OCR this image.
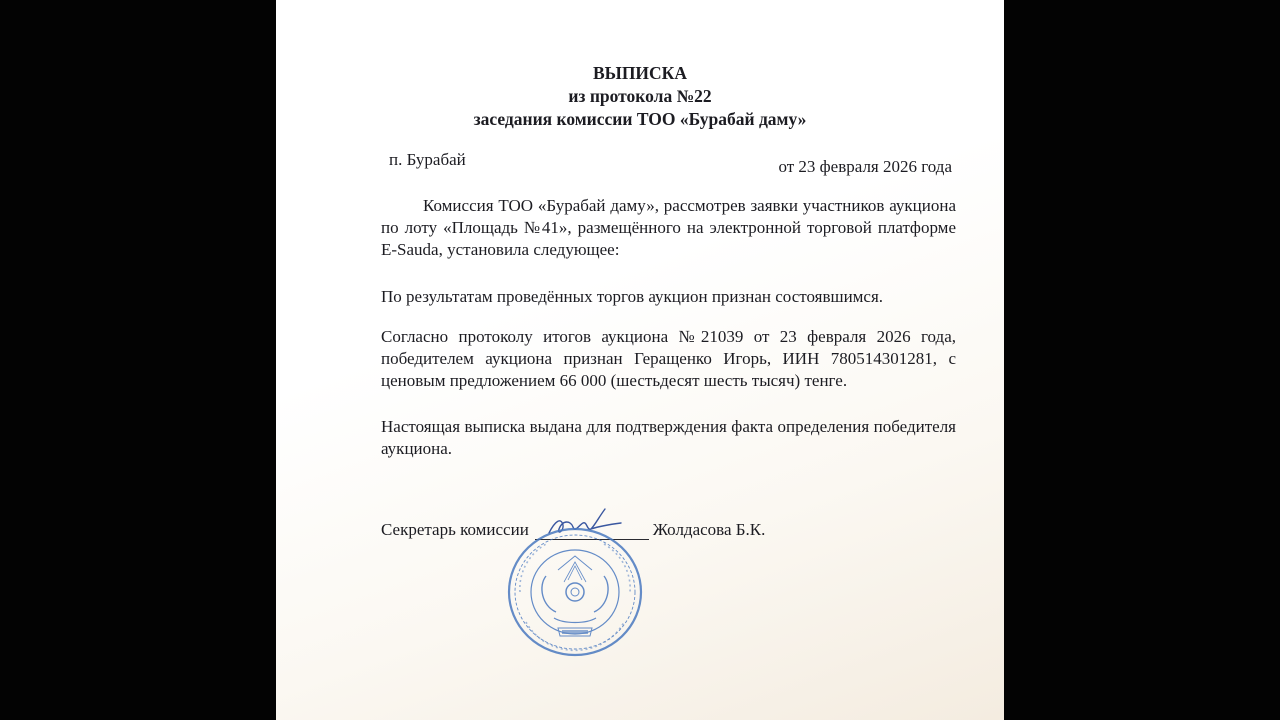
ВЫПИСКА
из протокола №22
заседания комиссии ТОО «Бурабай даму»
п. Бурабай	от 23 февраля 2026 года
Комиссия ТОО «Бурабай даму», рассмотрев заявки участников аукциона по лоту «Площадь №41», размещённого на электронной торговой платформе E-Sauda, установила следующее:
По результатам проведённых торгов аукцион признан состоявшимся.
Согласно протоколу итогов аукциона №21039 от 23 февраля 2026 года, победителем аукциона признан Геращенко Игорь, ИИН 780514301281, с ценовым предложением 66 000 (шестьдесят шесть тысяч) тенге.
Настоящая выписка выдана для подтверждения факта определения победителя аукциона.
Секретарь комиссии	Жолдасова Б.К.
